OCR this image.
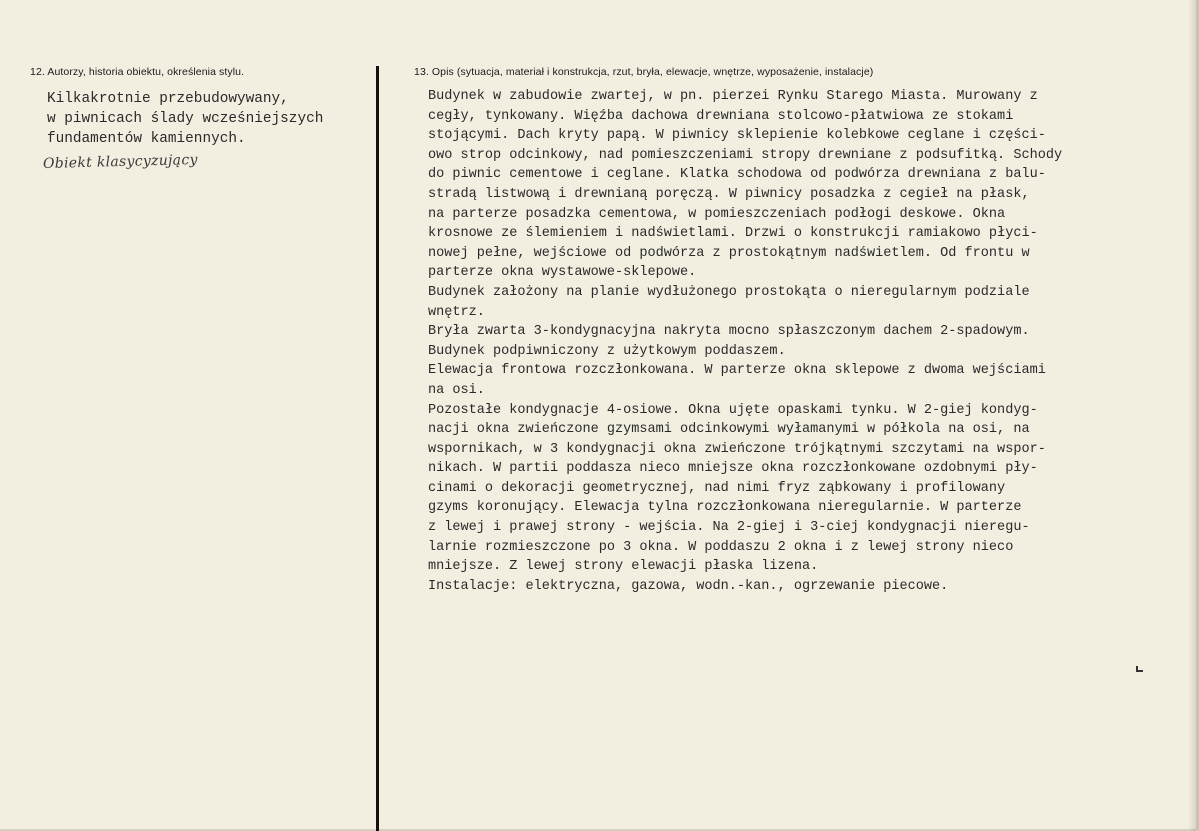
12. Autorzy, historia obiektu, określenia stylu.
Kilkakrotnie przebudowywany,
w piwnicach ślady wcześniejszych
fundamentów kamiennych.
Obiekt klasycyzujący
13. Opis (sytuacja, materiał i konstrukcja, rzut, bryła, elewacje, wnętrze, wyposażenie, instalacje)
Budynek w zabudowie zwartej, w pn. pierzei Rynku Starego Miasta. Murowany z
cegły, tynkowany. Więźba dachowa drewniana stolcowo-płatwiowa ze stokami
stojącymi. Dach kryty papą. W piwnicy sklepienie kolebkowe ceglane i części-
owo strop odcinkowy, nad pomieszczeniami stropy drewniane z podsufitką. Schody
do piwnic cementowe i ceglane. Klatka schodowa od podwórza drewniana z balu-
stradą listwową i drewnianą poręczą. W piwnicy posadzka z cegieł na płask,
na parterze posadzka cementowa, w pomieszczeniach podłogi deskowe. Okna
krosnowe ze ślemieniem i nadświetlami. Drzwi o konstrukcji ramiakowo płyci-
nowej pełne, wejściowe od podwórza z prostokątnym nadświetlem. Od frontu w
parterze okna wystawowe-sklepowe.
Budynek założony na planie wydłużonego prostokąta o nieregularnym podziale
wnętrz.
Bryła zwarta 3-kondygnacyjna nakryta mocno spłaszczonym dachem 2-spadowym.
Budynek podpiwniczony z użytkowym poddaszem.
Elewacja frontowa rozczłonkowana. W parterze okna sklepowe z dwoma wejściami
na osi.
Pozostałe kondygnacje 4-osiowe. Okna ujęte opaskami tynku. W 2-giej kondyg-
nacji okna zwieńczone gzymsami odcinkowymi wyłamanymi w półkola na osi, na
wspornikach, w 3 kondygnacji okna zwieńczone trójkątnymi szczytami na wspor-
nikach. W partii poddasza nieco mniejsze okna rozczłonkowane ozdobnymi pły-
cinami o dekoracji geometrycznej, nad nimi fryz ząbkowany i profilowany
gzyms koronujący. Elewacja tylna rozczłonkowana nieregularnie. W parterze
z lewej i prawej strony - wejścia. Na 2-giej i 3-ciej kondygnacji nieregu-
larnie rozmieszczone po 3 okna. W poddaszu 2 okna i z lewej strony nieco
mniejsze. Z lewej strony elewacji płaska lizena.
Instalacje: elektryczna, gazowa, wodn.-kan., ogrzewanie piecowe.
